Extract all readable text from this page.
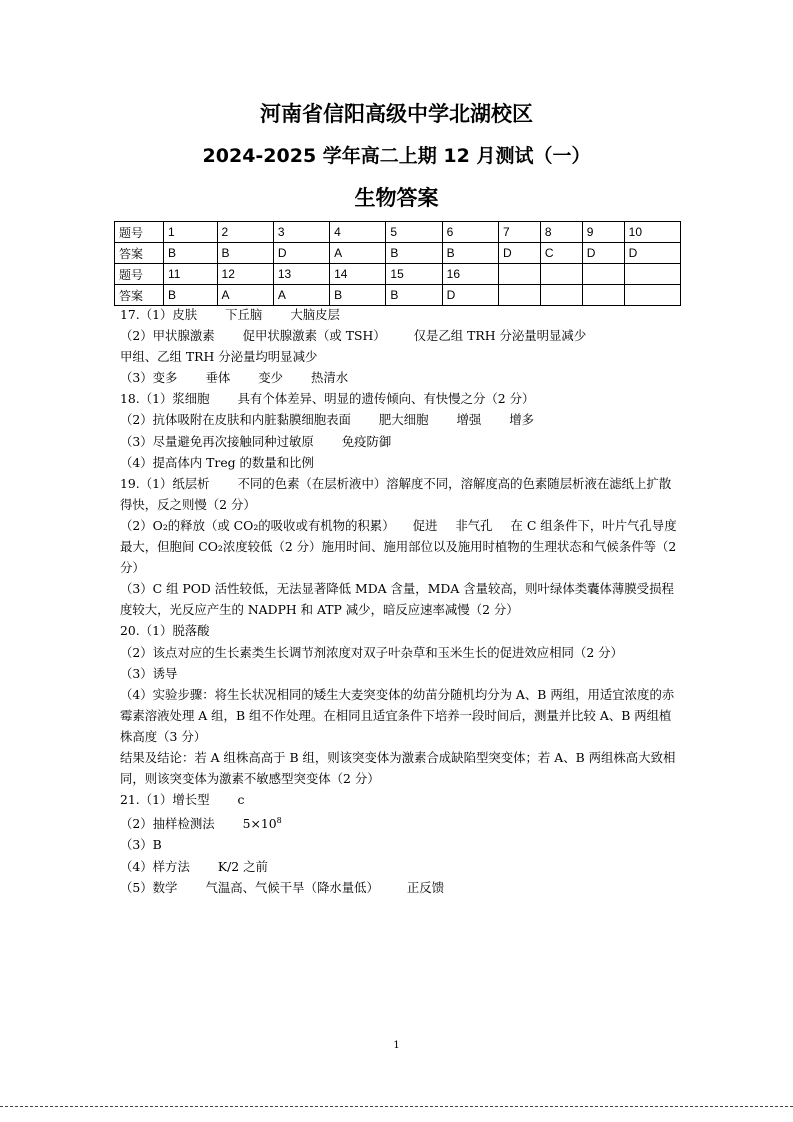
河南省信阳高级中学北湖校区
2024-2025 学年高二上期 12 月测试（一）
生物答案
题号	1	2	3	4	5	6	7	8	9	10
答案	B	B	D	A	B	B	D	C	D	D
题号	11	12	13	14	15	16				
答案	B	A	A	B	B	D				

17.（1）皮肤 下丘脑 大脑皮层

（2）甲状腺激素 促甲状腺激素（或 TSH） 仅是乙组 TRH 分泌量明显减少

甲组、乙组 TRH 分泌量均明显减少

（3）变多 垂体 变少 热清水

18.（1）浆细胞 具有个体差异、明显的遗传倾向、有快慢之分（2 分）

（2）抗体吸附在皮肤和内脏黏膜细胞表面 肥大细胞 增强 增多

（3）尽量避免再次接触同种过敏原 免疫防御

（4）提高体内 Treg 的数量和比例

19.（1）纸层析 不同的色素（在层析液中）溶解度不同，溶解度高的色素随层析液在滤纸上扩散得快，反之则慢（2 分）

（2）O₂的释放（或 CO₂的吸收或有机物的积累） 促进 非气孔 在 C 组条件下，叶片气孔导度最大，但胞间 CO₂浓度较低（2 分）施用时间、施用部位以及施用时植物的生理状态和气候条件等（2 分）

（3）C 组 POD 活性较低，无法显著降低 MDA 含量，MDA 含量较高，则叶绿体类囊体薄膜受损程度较大，光反应产生的 NADPH 和 ATP 减少，暗反应速率减慢（2 分）

20.（1）脱落酸

（2）该点对应的生长素类生长调节剂浓度对双子叶杂草和玉米生长的促进效应相同（2 分）

（3）诱导

（4）实验步骤：将生长状况相同的矮生大麦突变体的幼苗分随机均分为 A、B 两组，用适宜浓度的赤霉素溶液处理 A 组，B 组不作处理。在相同且适宜条件下培养一段时间后，测量并比较 A、B 两组植株高度（3 分）

结果及结论：若 A 组株高高于 B 组，则该突变体为激素合成缺陷型突变体；若 A、B 两组株高大致相同，则该突变体为激素不敏感型突变体（2 分）

21.（1）增长型 c

（2）抽样检测法 $5\times 10^8$

（3）B

（4）样方法 K/2 之前

（5）数学 气温高、气候干旱（降水量低） 正反馈

1
